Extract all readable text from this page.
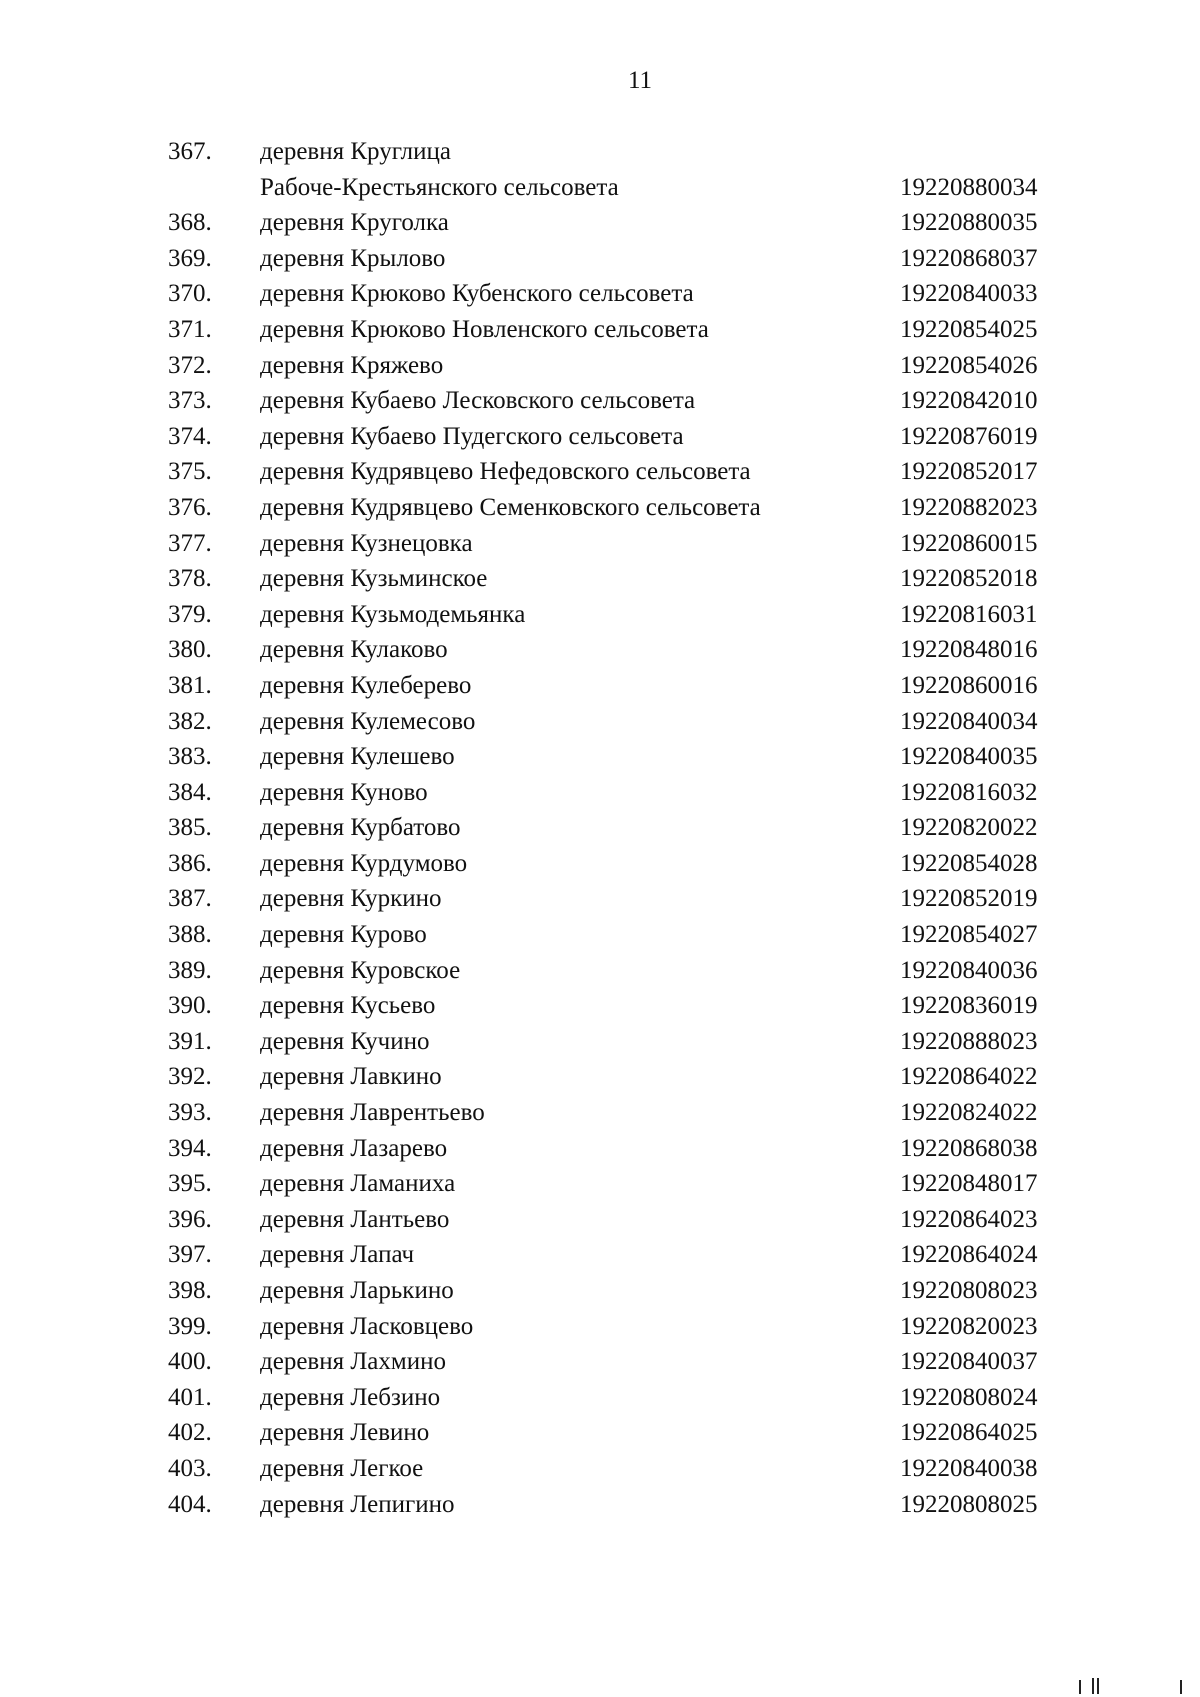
11
367. деревня Круглица
Рабоче-Крестьянского сельсовета	19220880034
368. деревня Круголка	19220880035
369. деревня Крылово	19220868037
370. деревня Крюково Кубенского сельсовета	19220840033
371. деревня Крюково Новленского сельсовета	19220854025
372. деревня Кряжево	19220854026
373. деревня Кубаево Лесковского сельсовета	19220842010
374. деревня Кубаево Пудегского сельсовета	19220876019
375. деревня Кудрявцево Нефедовского сельсовета	19220852017
376. деревня Кудрявцево Семенковского сельсовета	19220882023
377. деревня Кузнецовка	19220860015
378. деревня Кузьминское	19220852018
379. деревня Кузьмодемьянка	19220816031
380. деревня Кулаково	19220848016
381. деревня Кулеберево	19220860016
382. деревня Кулемесово	19220840034
383. деревня Кулешево	19220840035
384. деревня Куново	19220816032
385. деревня Курбатово	19220820022
386. деревня Курдумово	19220854028
387. деревня Куркино	19220852019
388. деревня Курово	19220854027
389. деревня Куровское	19220840036
390. деревня Кусьево	19220836019
391. деревня Кучино	19220888023
392. деревня Лавкино	19220864022
393. деревня Лаврентьево	19220824022
394. деревня Лазарево	19220868038
395. деревня Ламаниха	19220848017
396. деревня Лантьево	19220864023
397. деревня Лапач	19220864024
398. деревня Ларькино	19220808023
399. деревня Ласковцево	19220820023
400. деревня Лахмино	19220840037
401. деревня Лебзино	19220808024
402. деревня Левино	19220864025
403. деревня Легкое	19220840038
404. деревня Лепигино	19220808025
